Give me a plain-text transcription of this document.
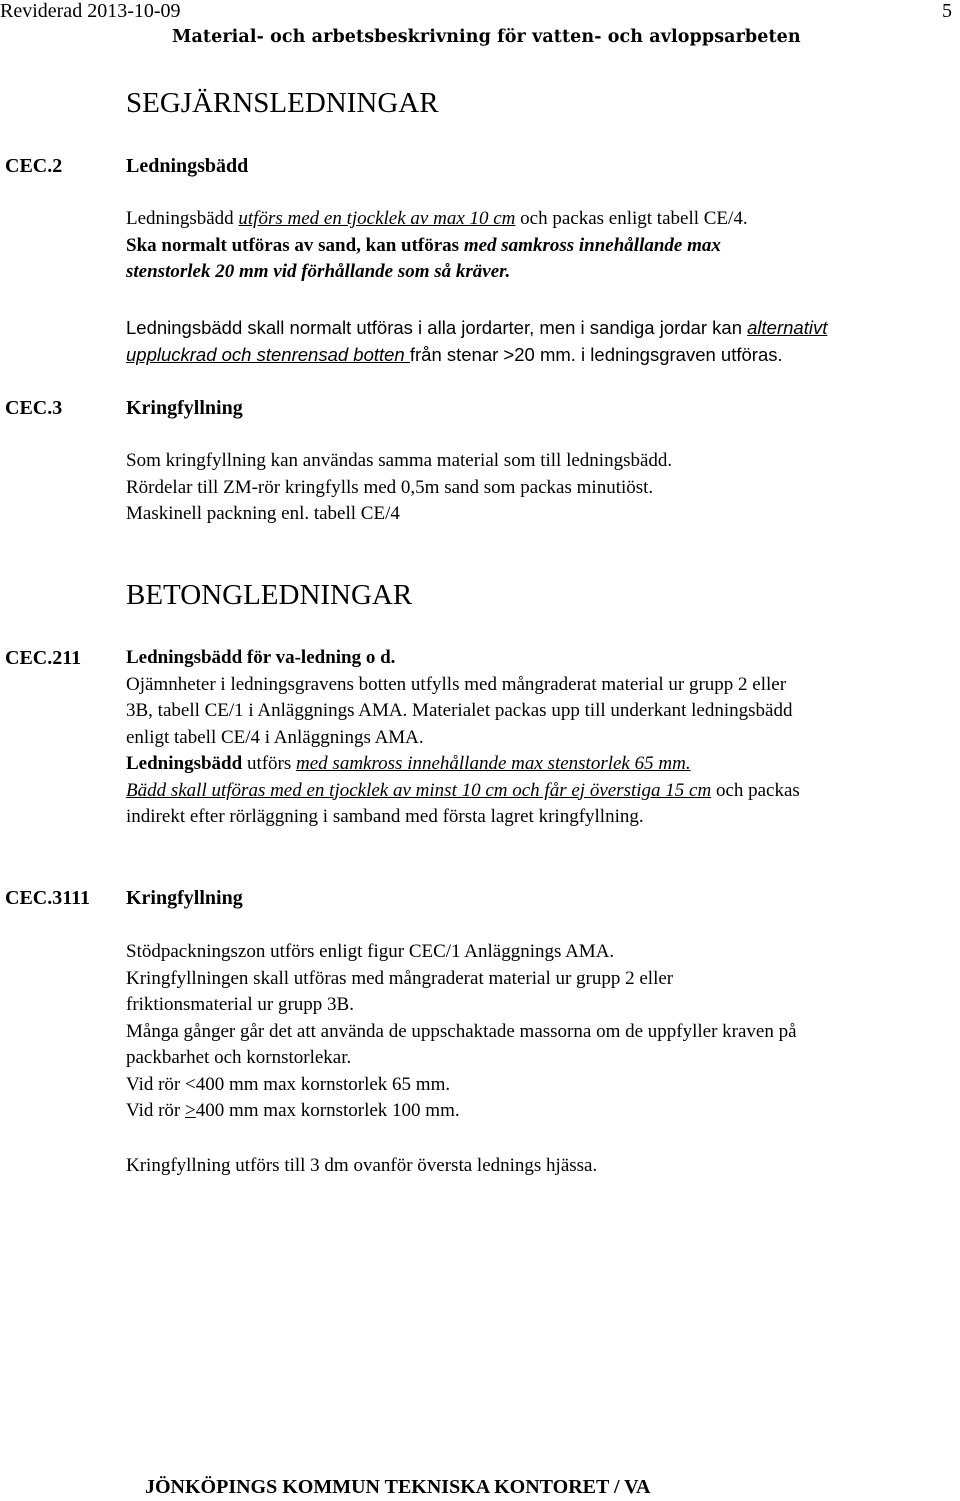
Reviderad 2013-10-09	5
Material- och arbetsbeskrivning för vatten- och avloppsarbeten
SEGJÄRNSLEDNINGAR
CEC.2	Ledningsbädd

Ledningsbädd utförs med en tjocklek av max 10 cm och packas enligt tabell CE/4.

Ska normalt utföras av sand, kan utföras med samkross innehållande max

stenstorlek 20 mm vid förhållande som så kräver.

Ledningsbädd skall normalt utföras i alla jordarter, men i sandiga jordar kan alternativt

uppluckrad och stenrensad botten från stenar >20 mm. i ledningsgraven utföras.

CEC.3	Kringfyllning

Som kringfyllning kan användas samma material som till ledningsbädd.

Rördelar till ZM-rör kringfylls med 0,5m sand som packas minutiöst.

Maskinell packning enl. tabell CE/4

BETONGLEDNINGAR
CEC.211 Ledningsbädd för va-ledning o d.

Ojämnheter i ledningsgravens botten utfylls med mångraderat material ur grupp 2 eller

3B, tabell CE/1 i Anläggnings AMA. Materialet packas upp till underkant ledningsbädd

enligt tabell CE/4 i Anläggnings AMA.

Ledningsbädd utförs med samkross innehållande max stenstorlek 65 mm.

Bädd skall utföras med en tjocklek av minst 10 cm och får ej överstiga 15 cm och packas

indirekt efter rörläggning i samband med första lagret kringfyllning.

CEC.3111 Kringfyllning

Stödpackningszon utförs enligt figur CEC/1 Anläggnings AMA.

Kringfyllningen skall utföras med mångraderat material ur grupp 2 eller

friktionsmaterial ur grupp 3B.

Många gånger går det att använda de uppschaktade massorna om de uppfyller kraven på

packbarhet och kornstorlekar.

Vid rör <400 mm max kornstorlek 65 mm.

Vid rör >400 mm max kornstorlek 100 mm.

Kringfyllning utförs till 3 dm ovanför översta lednings hjässa.

JÖNKÖPINGS KOMMUN TEKNISKA KONTORET / VA
